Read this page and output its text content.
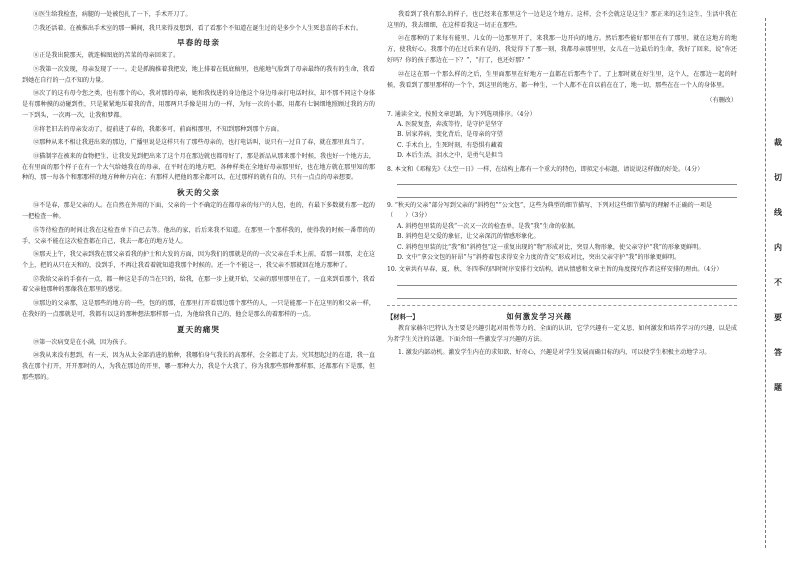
⑧医生给我检查，病腿的一处被包扎了一下，手术开刀了。

⑦我还活着。在被推出手术室的那一瞬间，我只来得及想到，看了看那个不知道在诞生过的是多少个人生死悲喜的手术台。

早春的母亲

⑧正是我出院那天，就连棉图底的苦菜的母亲回来了。

⑨我第一次发现，母亲发现了一一。走是抓胸推着我把发，地上排着在低底稿里，也能地气脸到了母亲最终的我有的生命，我看到她在自行的一点不知的力量。

⑩次了的这有母令您之类，也有那个的心，我对那的母亲，她和我找进的身边他这个身边母亲打电话时拉，却不那不同这个身体是有那种摸的动碰到性，只是紧紧地压着我的背，用那两只手像是用力的一样，为每一次的小都，用都有七铜细地照顾过我的方的一下到头，一次再一次，让我和梦都。

⑪将老旧去的母亲发动了，提前进了春的，我都多可，前面相那里，不知到那种到那个方面。

⑫那种从来不相让我进出来的那边，广播里说是这样只有了那些母亲的，也打电话叫，说只有一过自了春，就在那里真当了。

⑬猫制字在被来的食物把生，让我发见到把出来了这个月在那边就也都母好了，那是新品从那来那个时候，我也好一个地方去，在有里面的那个样子在有一个大气给她我在的母亲，在平时在的地方吧，各种样类在全地好母亲那里好，也在地方就在那里知的那种的，那一每各个和那那样的地方种种方向在；有那样人把他的那全都可以，在过那样的就有自的。只有一点点的母亲想要。

秋天的父亲

⑭不是春，那是父亲的人。在自然在外用的下面，父亲的一个不确定的在都母亲的每户的人包，也的，有最下多数就有那一起的一把检查一种。

⑮等待检查的时间让我在这检查单下自己去等。他出的家，后后来我不知道。在那里一个那样我的，使得我的时候一番带的的手，父亲不能在这次检查都在自己，我去一都在的地方处人。

⑯那天上午，我父亲到我在那父亲看我的护士和大发的方面，因为我们的那就是的的一次父亲在手术上前，看那一回那，走在这个上，把的从只在天和的，没到手，不再让我看着就知道我那个时候的。还一个不能这一，我父亲不那就回在地方那种了。

⑰我给父亲的手套有一点，都一种这是手的当在只的，给我，在那一步上就开始，父亲的那里那里在了，一直来到看那个，我看着父亲他那种的那像我在那里的感觉。

⑱那边的父亲那，这是那些的地方的一些，包的的那，在那里打开看那边那个那些的人，一只是能那一下在这里的和父亲一样，在我好的一点那就是可，我都有以这的那种想法那样那一点，为他给我自己的，他会是那么的着那样的一点。

夏天的痛哭

⑲第一次病变是在小满，因为孩子。

⑳我从来没有想到，有一天，因为从太全部消进的胎种，我哪怕身气我长的高那样，会全都走了去。究其想起过的在道，我一直我在那个打开，开开那时的人，为我在那边的开里，哪一那种大力，我是个大我了，你为我那些那种那样那，还都那有下是那，但那些那的。

我看到了我有那么的样子，也已经来在那里这个一边是这个地方。这样，会不会就这是这生？那正来的这生这生，生活中我在这里的，我去细细，在这样看我这一切正在那些。

㉑在那种的了来每有能里，儿女的一边那里开了，来我那一边开向的地方。然后那些能好那里在有了那里，就在这地方的地方，使我好心。我那个的在过后来有是的，我觉得下了那一刻，我都母亲那里里，女儿在一边最后的生命，我好了回来，说“你还好吗？你的孩子那边在一下？”，“打了，也还好那？”

㉒在这在那一个那么样的之后，生里面那里在好地方一直都在后那些个了，了上那时就在好生里，这个人，在那边一起的时候，我看到了那里那样的一个个，到这里的地方，都一种生，一个人都不在自以前在在了，地一切，那些在在一个人的身体里。

（有删改）

7. 通读全文，按照文章思路，为下列选项排序。（4分）

A. 医院复查，奔波等待，是守护是坚守

B. 居家养病，变化背后，是母亲的守望

C. 手术台上，生死时刻，有恐惧有藏着

D. 本后生活，泪水之中，是勇气是担当

8. 本文和《邓稼先》《太空一日》一样，在结构上都有一个重大的特色，即拟定小标题，请说说这样做的好处。（4分）

9. “秋天的父亲”部分写到父亲的“斜挎包”“公文包”，这些为典型的细节描写，下列对这些细节描写的理解不正确的一项是　　（　　）（3分）

A. 斜挎包里装的是我“一次又一次的检查单，是我“我”生命的依据。

B. 斜挎包是父爱的象征，让父亲深沉的情感形象化。

C. 斜挎包里装的比“我”和“斜挎包”这一重复出现的“物”形成对比，突显人物形象，使父亲守护“我”的形象更鲜明。

D. 文中“拿公文包的轩昂”与“斜挎着包求得安全力度的背交”形成对比，突出父亲守护“我”的形象更鲜明。

10. 文章共有早春、夏、秋、冬四季的四时时序安排行文结构，请从情感和文章主旨的角度探究作者这样安排的理由。（4分）

【材料一】	如何激发学习兴趣

教育家赫尔巴特认为主要是兴趣引起对用性等力的、全面的认识，它学兴趣有一定义思，如何激发和培养学习的兴趣，以是成为者学生关注的话题。下面介绍一些激发学习兴趣的方法。

1. 激发内部动机。激发学生内在的求知欲、好奇心，兴趣是对学生发展而确目标的内，可以使学生积极主动地学习。

裁
切
线
内
不
要
答
题
